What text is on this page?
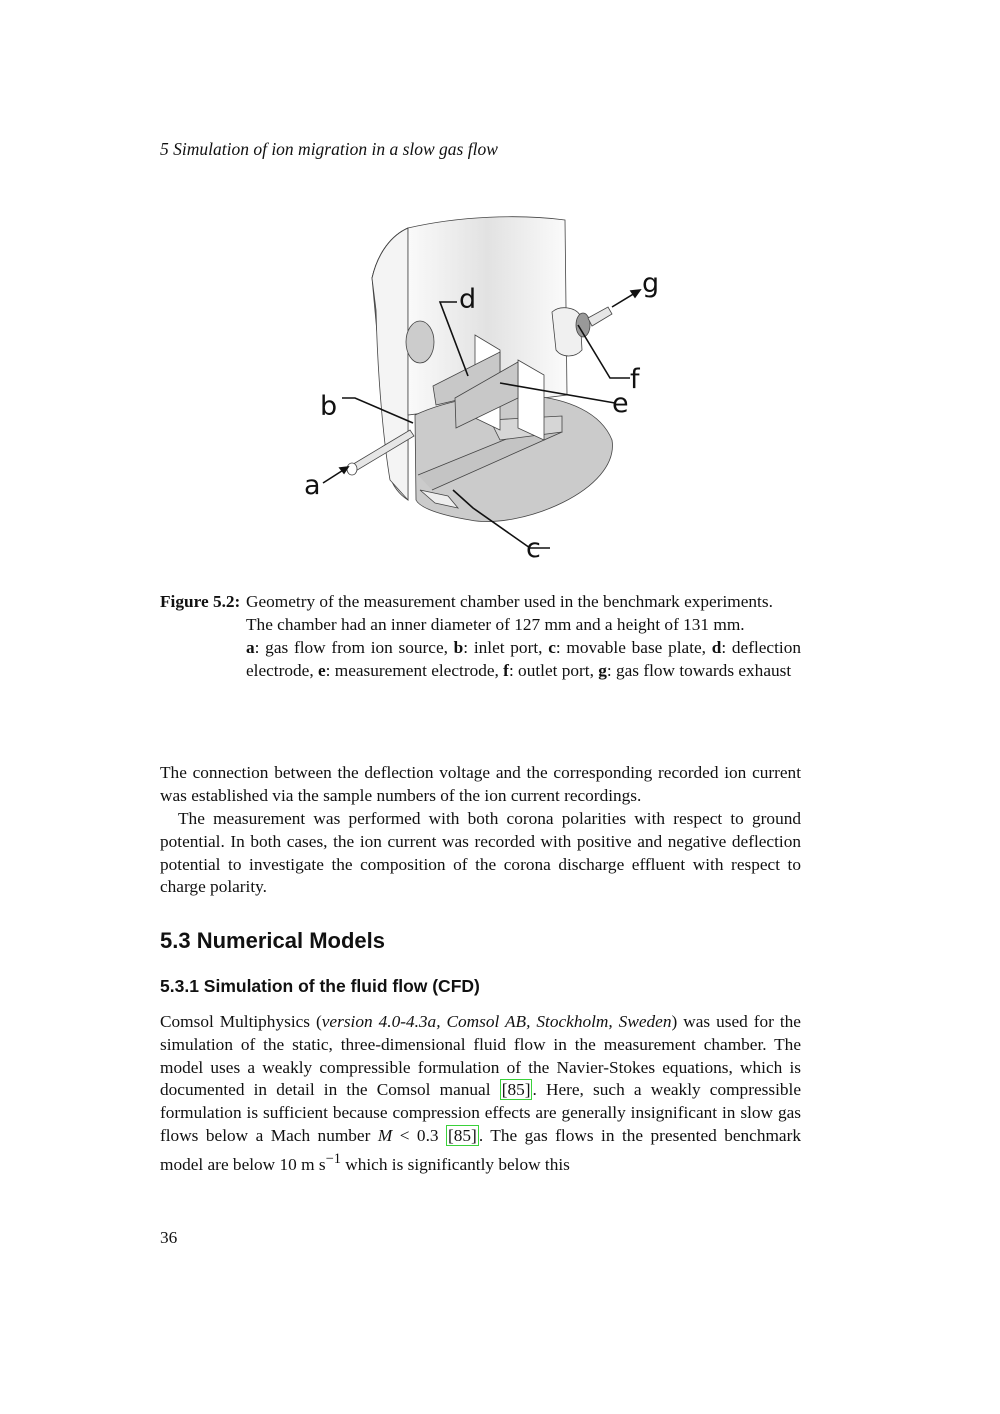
5 Simulation of ion migration in a slow gas flow
b
a
c
d
e
f
g
Figure 5.2: Geometry of the measurement chamber used in the benchmark experiments.
The chamber had an inner diameter of 127 mm and a height of 131 mm.
a: gas flow from ion source, b: inlet port, c: movable base plate, d: deflection electrode, e: measurement electrode, f: outlet port, g: gas flow towards exhaust
The connection between the deflection voltage and the corresponding recorded ion current was established via the sample numbers of the ion current recordings.
The measurement was performed with both corona polarities with respect to ground potential. In both cases, the ion current was recorded with positive and negative deflection potential to investigate the composition of the corona discharge effluent with respect to charge polarity.
5.3 Numerical Models
5.3.1 Simulation of the fluid flow (CFD)
Comsol Multiphysics (version 4.0-4.3a, Comsol AB, Stockholm, Sweden) was used for the simulation of the static, three-dimensional fluid flow in the measurement chamber. The model uses a weakly compressible formulation of the Navier-Stokes equations, which is documented in detail in the Comsol manual [85] . Here, such a weakly compressible formulation is sufficient because compression effects are generally insignificant in slow gas flows below a Mach number M < 0.3 [85] . The gas flows in the presented benchmark model are below 10 m $s^{-1}$ which is significantly below this
36
